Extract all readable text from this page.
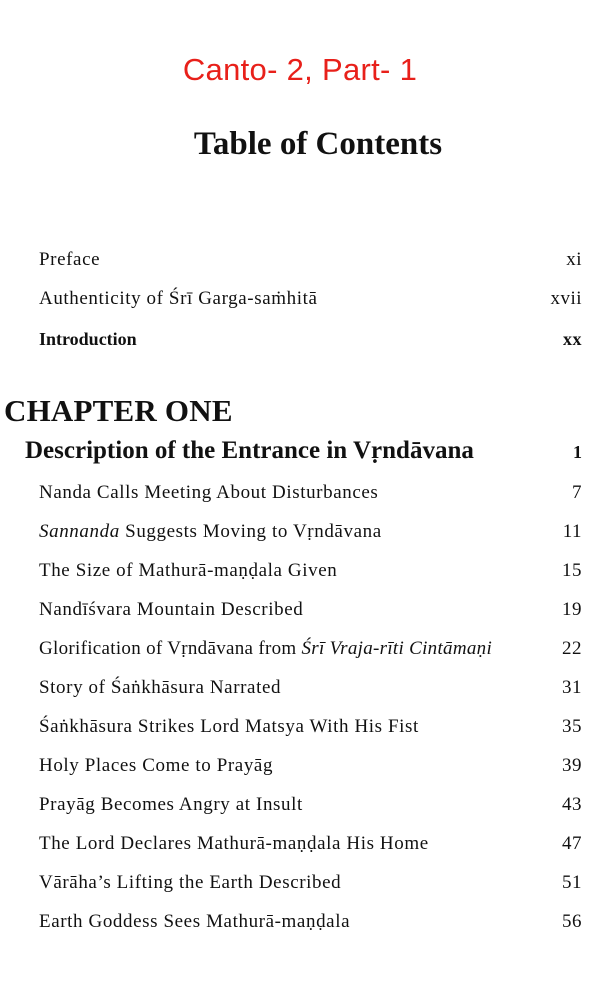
Canto- 2, Part- 1
Table of Contents
Preface	xi
Authenticity of Śrī Garga-saṁhitā	xvii
Introduction	xx
CHAPTER ONE
Description of the Entrance in Vṛndāvana	1
Nanda Calls Meeting About Disturbances	7
Sannanda Suggests Moving to Vṛndāvana	11
The Size of Mathurā-maṇḍala Given	15
Nandīśvara Mountain Described	19
Glorification of Vṛndāvana from Śrī Vraja-rīti Cintāmaṇi	22
Story of Śaṅkhāsura Narrated	31
Śaṅkhāsura Strikes Lord Matsya With His Fist	35
Holy Places Come to Prayāg	39
Prayāg Becomes Angry at Insult	43
The Lord Declares Mathurā-maṇḍala His Home	47
Vārāha’s Lifting the Earth Described	51
Earth Goddess Sees Mathurā-maṇḍala	56
